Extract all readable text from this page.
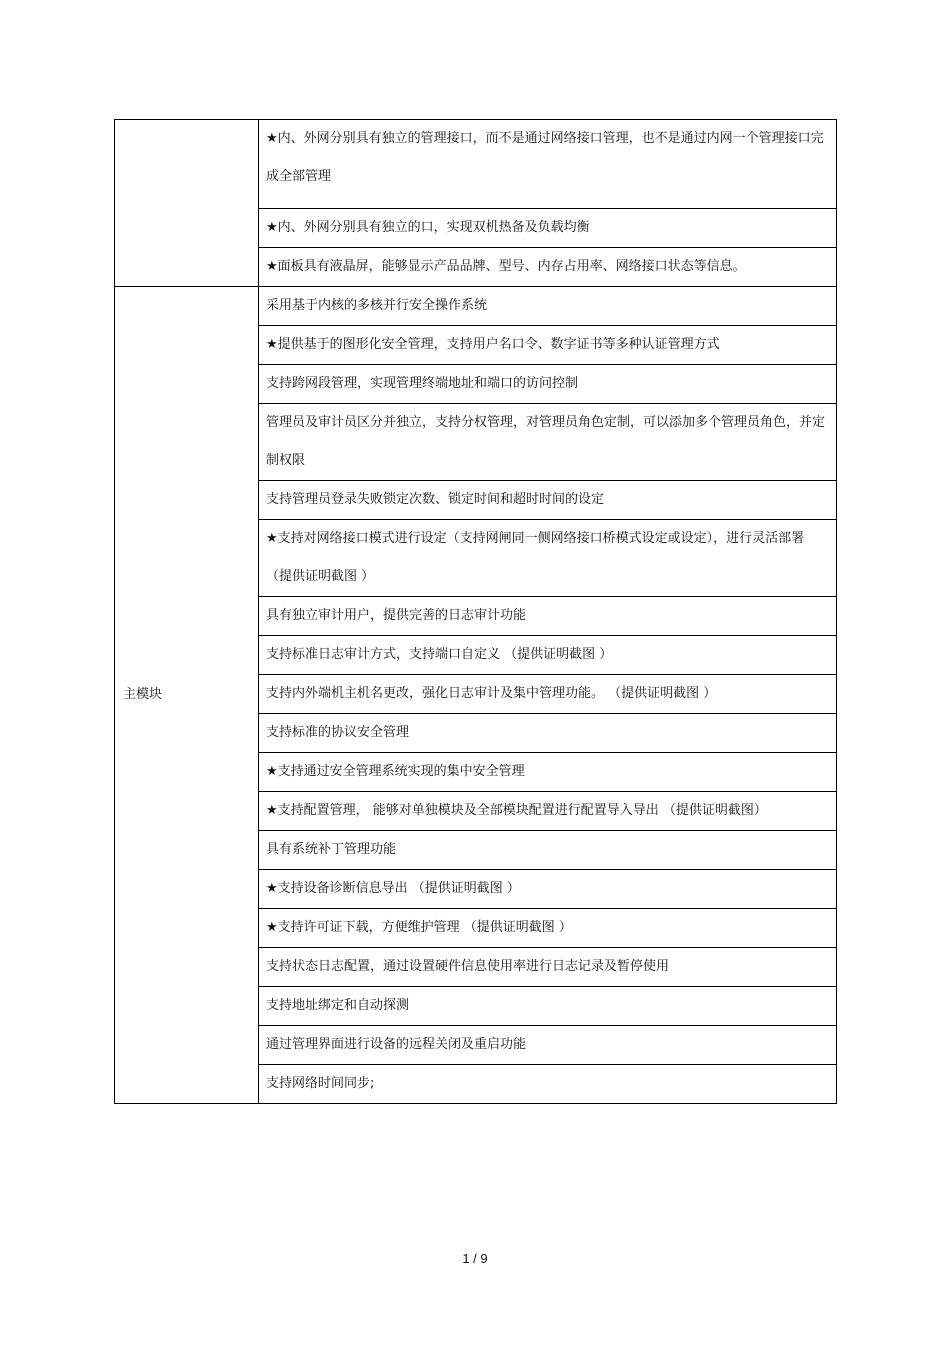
	★内、外网分别具有独立的管理接口，而不是通过网络接口管理，也不是通过内网一个管理接口完成全部管理
	★内、外网分别具有独立的口，实现双机热备及负载均衡
	★面板具有液晶屏，能够显示产品品牌、型号、内存占用率、网络接口状态等信息。
主模块	采用基于内核的多核并行安全操作系统
	★提供基于的图形化安全管理，支持用户名口令、数字证书等多种认证管理方式
	支持跨网段管理，实现管理终端地址和端口的访问控制
	管理员及审计员区分并独立，支持分权管理，对管理员角色定制，可以添加多个管理员角色，并定制权限
	支持管理员登录失败锁定次数、锁定时间和超时时间的设定
	★支持对网络接口模式进行设定（支持网闸同一侧网络接口桥模式设定或设定），进行灵活部署 （提供证明截图 ）
	具有独立审计用户，提供完善的日志审计功能
	支持标准日志审计方式，支持端口自定义 （提供证明截图 ）
	支持内外端机主机名更改，强化日志审计及集中管理功能。 （提供证明截图 ）
	支持标准的协议安全管理
	★支持通过安全管理系统实现的集中安全管理
	★支持配置管理， 能够对单独模块及全部模块配置进行配置导入导出 （提供证明截图）
	具有系统补丁管理功能
	★支持设备诊断信息导出 （提供证明截图 ）
	★支持许可证下载，方便维护管理 （提供证明截图 ）
	支持状态日志配置，通过设置硬件信息使用率进行日志记录及暂停使用
	支持地址绑定和自动探测
	通过管理界面进行设备的远程关闭及重启功能
	支持网络时间同步;
1 / 9
